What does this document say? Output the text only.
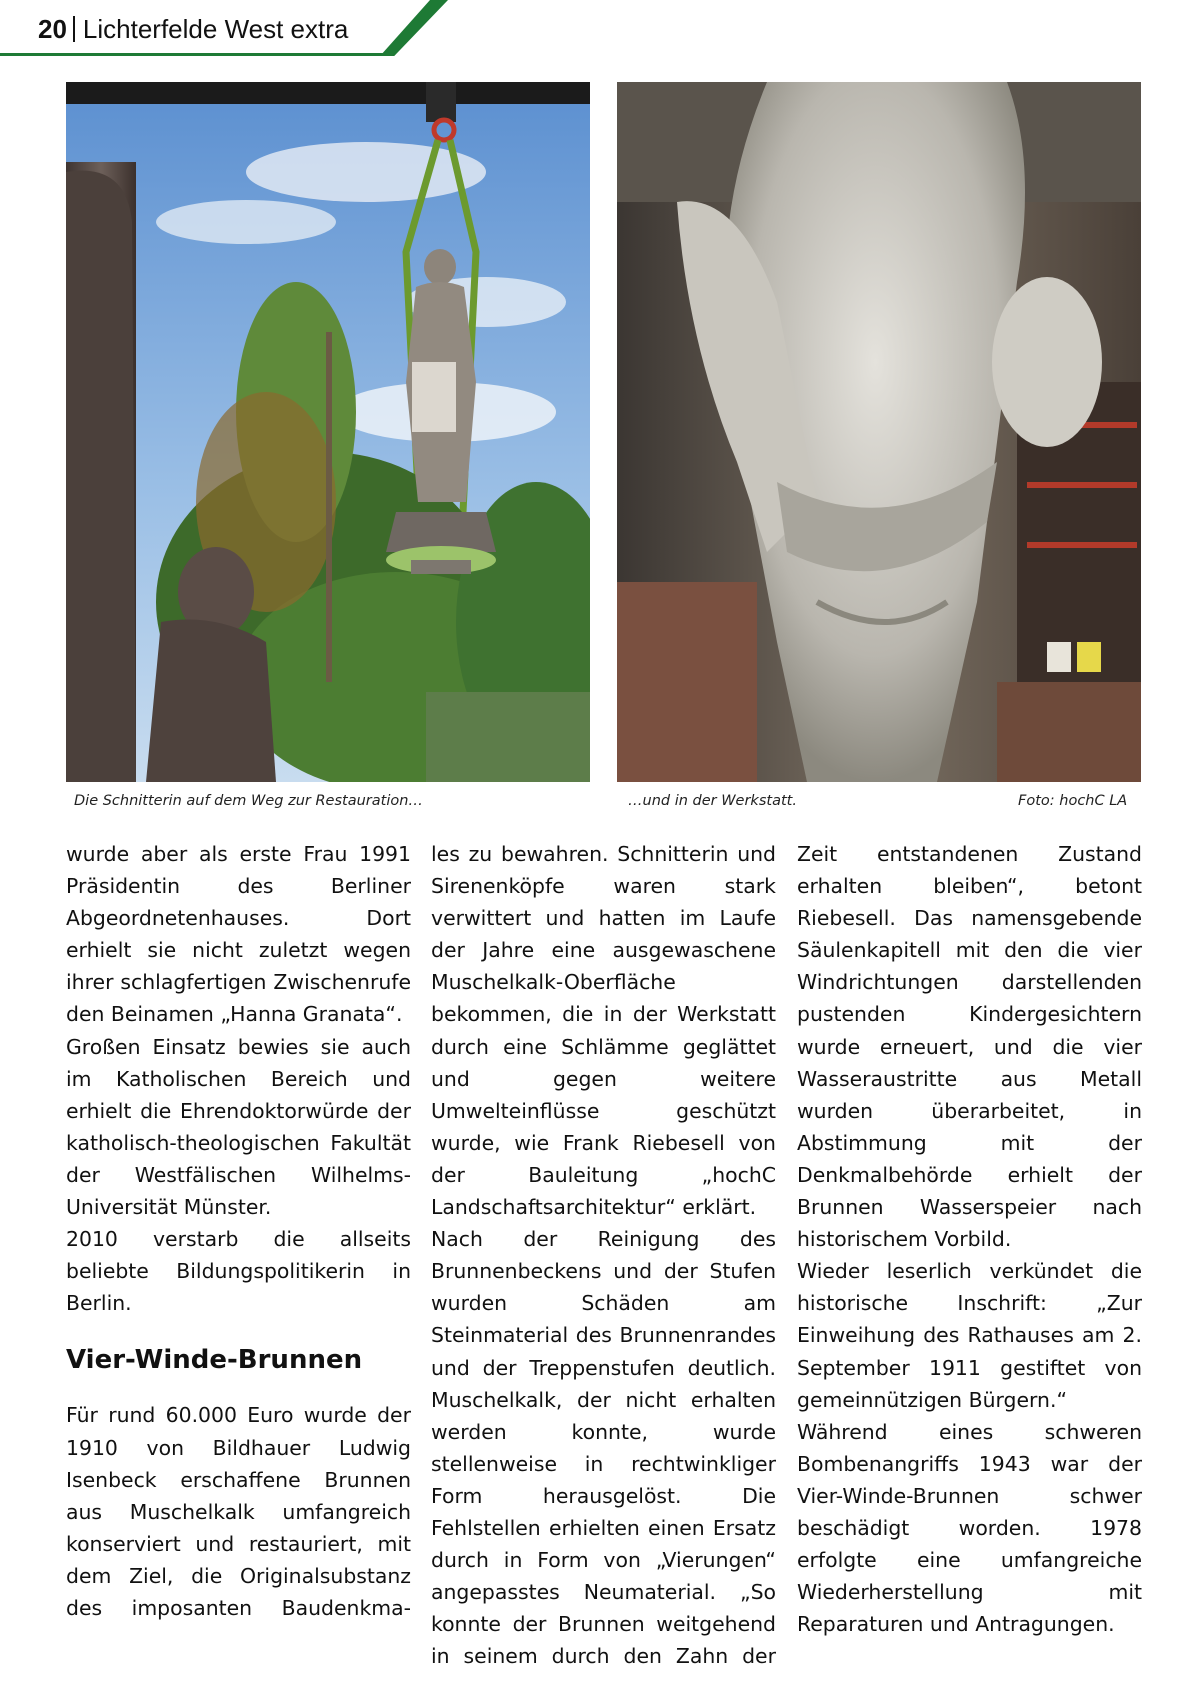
20 Lichterfelde West extra
Die Schnitterin auf dem Weg zur Restauration…	…und in der Werkstatt.	Foto: hochC LA

wurde aber als erste Frau 1991 Präsidentin des Berliner Abgeordnetenhauses. Dort erhielt sie nicht zuletzt wegen ihrer schlagfertigen Zwischenrufe den Beinamen „Hanna Granata“.

Großen Einsatz bewies sie auch im Katholischen Bereich und erhielt die Ehrendoktorwürde der katholisch-theologischen Fakultät der Westfälischen Wilhelms-Universität Münster.

2010 verstarb die allseits beliebte Bildungspolitikerin in Berlin.

Vier-Winde-Brunnen

Für rund 60.000 Euro wurde der 1910 von Bildhauer Ludwig Isenbeck erschaffene Brunnen aus Muschelkalk umfangreich konserviert und restauriert, mit dem Ziel, die Originalsubstanz des imposanten Baudenkma-

les zu bewahren. Schnitterin und Sirenenköpfe waren stark verwittert und hatten im Laufe der Jahre eine ausgewaschene Muschelkalk-Oberfläche bekommen, die in der Werkstatt durch eine Schlämme geglättet und gegen weitere Umwelteinflüsse geschützt wurde, wie Frank Riebesell von der Bauleitung „hochC Landschaftsarchitektur“ erklärt.

Nach der Reinigung des Brunnenbeckens und der Stufen wurden Schäden am Steinmaterial des Brunnenrandes und der Treppenstufen deutlich. Muschelkalk, der nicht erhalten werden konnte, wurde stellenweise in rechtwinkliger Form herausgelöst. Die Fehlstellen erhielten einen Ersatz durch in Form von „Vierungen“ angepasstes Neumaterial. „So konnte der Brunnen weitgehend in seinem durch den Zahn der

Zeit entstandenen Zustand erhalten bleiben“, betont Riebesell. Das namensgebende Säulenkapitell mit den die vier Windrichtungen darstellenden pustenden Kindergesichtern wurde erneuert, und die vier Wasseraustritte aus Metall wurden überarbeitet, in Abstimmung mit der Denkmalbehörde erhielt der Brunnen Wasserspeier nach historischem Vorbild.

Wieder leserlich verkündet die historische Inschrift: „Zur Einweihung des Rathauses am 2. September 1911 gestiftet von gemeinnützigen Bürgern.“

Während eines schweren Bombenangriffs 1943 war der Vier-Winde-Brunnen schwer beschädigt worden. 1978 erfolgte eine umfangreiche Wiederherstellung mit Reparaturen und Antragungen.
